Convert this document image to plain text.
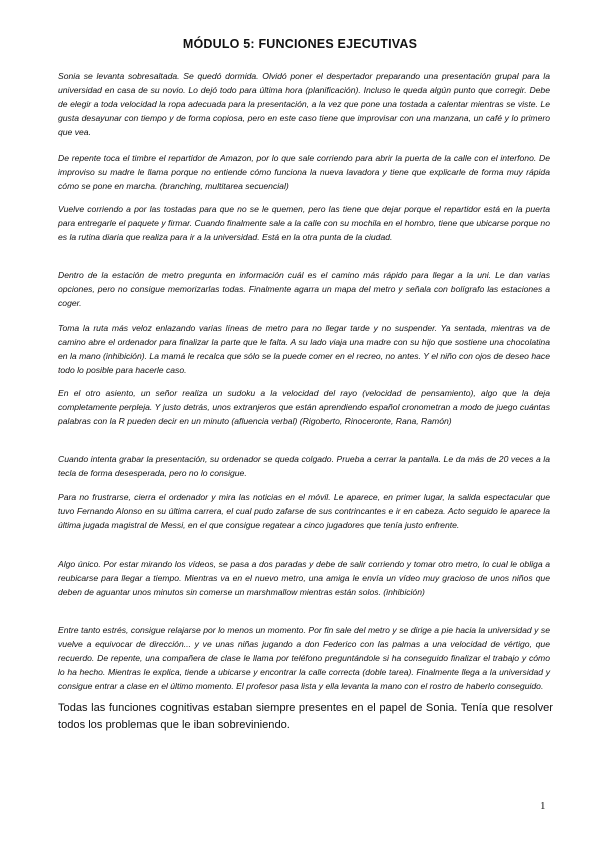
MÓDULO 5: FUNCIONES EJECUTIVAS

Sonia se levanta sobresaltada. Se quedó dormida. Olvidó poner el despertador preparando una presentación grupal para la universidad en casa de su novio. Lo dejó todo para última hora (planificación). Incluso le queda algún punto que corregir. Debe de elegir a toda velocidad la ropa adecuada para la presentación, a la vez que pone una tostada a calentar mientras se viste. Le gusta desayunar con tiempo y de forma copiosa, pero en este caso tiene que improvisar con una manzana, un café y lo primero que vea.

De repente toca el timbre el repartidor de Amazon, por lo que sale corriendo para abrir la puerta de la calle con el interfono. De improviso su madre le llama porque no entiende cómo funciona la nueva lavadora y tiene que explicarle de forma muy rápida cómo se pone en marcha. (branching, multitarea secuencial)

Vuelve corriendo a por las tostadas para que no se le quemen, pero las tiene que dejar porque el repartidor está en la puerta para entregarle el paquete y firmar. Cuando finalmente sale a la calle con su mochila en el hombro, tiene que ubicarse porque no es la rutina diaria que realiza para ir a la universidad. Está en la otra punta de la ciudad.

Dentro de la estación de metro pregunta en información cuál es el camino más rápido para llegar a la uni. Le dan varias opciones, pero no consigue memorizarlas todas. Finalmente agarra un mapa del metro y señala con bolígrafo las estaciones a coger.

Toma la ruta más veloz enlazando varias líneas de metro para no llegar tarde y no suspender. Ya sentada, mientras va de camino abre el ordenador para finalizar la parte que le falta. A su lado viaja una madre con su hijo que sostiene una chocolatina en la mano (inhibición). La mamá le recalca que sólo se la puede comer en el recreo, no antes. Y el niño con ojos de deseo hace todo lo posible para hacerle caso.

En el otro asiento, un señor realiza un sudoku a la velocidad del rayo (velocidad de pensamiento), algo que la deja completamente perpleja. Y justo detrás, unos extranjeros que están aprendiendo español cronometran a modo de juego cuántas palabras con la R pueden decir en un minuto (afluencia verbal) (Rigoberto, Rinoceronte, Rana, Ramón)

Cuando intenta grabar la presentación, su ordenador se queda colgado. Prueba a cerrar la pantalla. Le da más de 20 veces a la tecla de forma desesperada, pero no lo consigue.

Para no frustrarse, cierra el ordenador y mira las noticias en el móvil. Le aparece, en primer lugar, la salida espectacular que tuvo Fernando Alonso en su última carrera, el cual pudo zafarse de sus contrincantes e ir en cabeza. Acto seguido le aparece la última jugada magistral de Messi, en el que consigue regatear a cinco jugadores que tenía justo enfrente.

Algo único. Por estar mirando los vídeos, se pasa a dos paradas y debe de salir corriendo y tomar otro metro, lo cual le obliga a reubicarse para llegar a tiempo. Mientras va en el nuevo metro, una amiga le envía un vídeo muy gracioso de unos niños que deben de aguantar unos minutos sin comerse un marshmallow mientras están solos. (inhibición)

Entre tanto estrés, consigue relajarse por lo menos un momento. Por fin sale del metro y se dirige a pie hacia la universidad y se vuelve a equivocar de dirección... y ve unas niñas jugando a don Federico con las palmas a una velocidad de vértigo, que recuerdo. De repente, una compañera de clase le llama por teléfono preguntándole si ha conseguido finalizar el trabajo y cómo lo ha hecho. Mientras le explica, tiende a ubicarse y encontrar la calle correcta (doble tarea). Finalmente llega a la universidad y consigue entrar a clase en el último momento. El profesor pasa lista y ella levanta la mano con el rostro de haberlo conseguido.

Todas las funciones cognitivas estaban siempre presentes en el papel de Sonia. Tenía que resolver todos los problemas que le iban sobreviniendo.

1
